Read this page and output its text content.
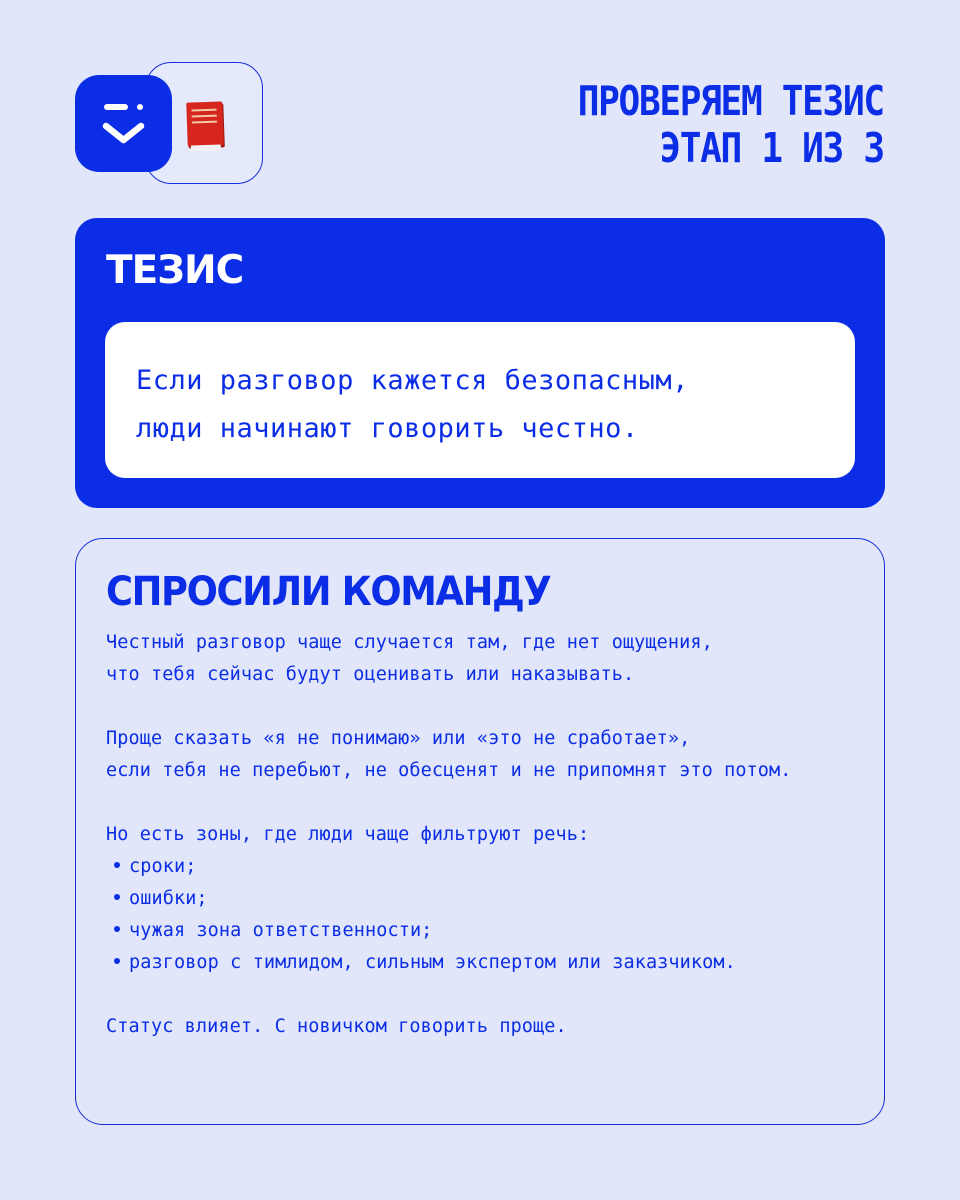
ПРОВЕРЯЕМ ТЕЗИС
ЭТАП 1 ИЗ 3
ТЕЗИС
Если разговор кажется безопасным,
люди начинают говорить честно.
СПРОСИЛИ КОМАНДУ
Честный разговор чаще случается там, где нет ощущения,
что тебя сейчас будут оценивать или наказывать.
Проще сказать «я не понимаю» или «это не сработает»,
если тебя не перебьют, не обесценят и не припомнят это потом.
Но есть зоны, где люди чаще фильтруют речь:
сроки;
ошибки;
чужая зона ответственности;
разговор с тимлидом, сильным экспертом или заказчиком.
Статус влияет. С новичком говорить проще.
